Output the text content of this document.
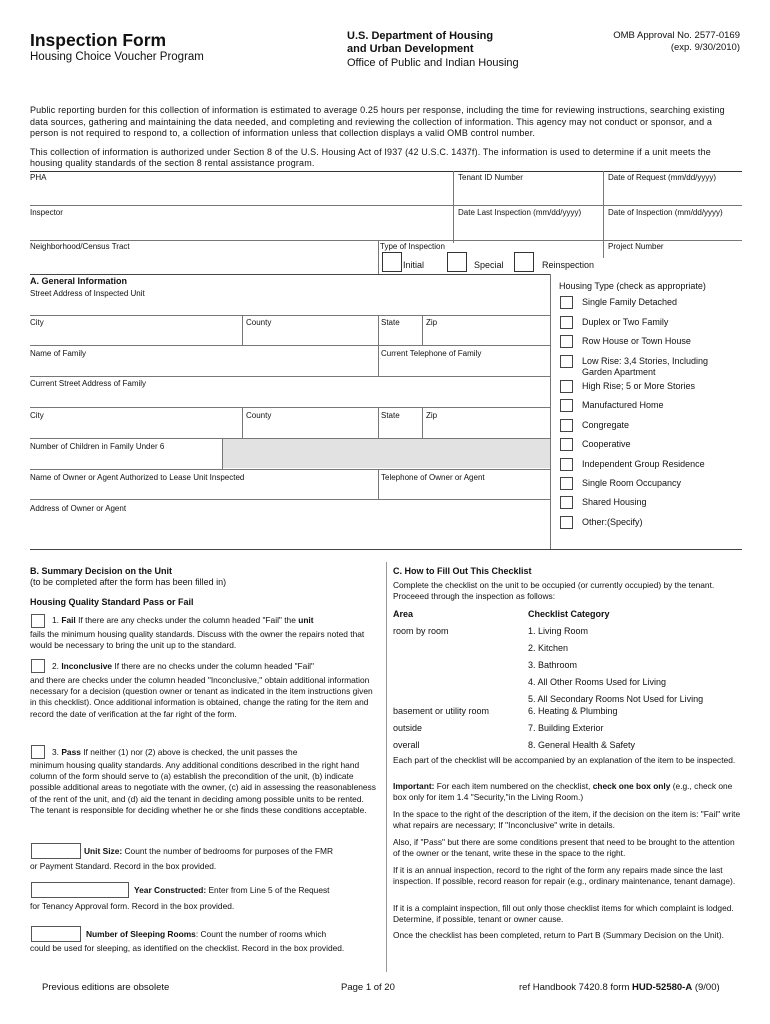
Inspection Form
Housing Choice Voucher Program
U.S. Department of Housing
and Urban Development
Office of Public and Indian Housing
OMB Approval No. 2577-0169
(exp. 9/30/2010)
Public reporting burden for this collection of information is estimated to average 0.25 hours per response, including the time for reviewing instructions, searching existing data sources, gathering and maintaining the data needed, and completing and reviewing the collection of information. This agency may not conduct or sponsor, and a person is not required to respond to, a collection of information unless that collection displays a valid OMB control number.
This collection of information is authorized under Section 8 of the U.S. Housing Act of I937 (42 U.S.C. 1437f). The information is used to determine if a unit meets the housing quality standards of the section 8 rental assistance program.
PHA	Tenant ID Number	Date of Request (mm/dd/yyyy)
Inspector	Date Last Inspection (mm/dd/yyyy)	Date of Inspection (mm/dd/yyyy)
Neighborhood/Census Tract	Type of Inspection	Project Number
Initial	Special	Reinspection
A. General Information
Street Address of Inspected Unit
City	County	State	Zip
Name of Family	Current Telephone of Family
Current Street Address of Family
City	County	State	Zip
Number of Children in Family Under 6
Name of Owner or Agent Authorized to Lease Unit Inspected	Telephone of Owner or Agent
Address of Owner or Agent
Housing Type (check as appropriate)
Single Family Detached
Duplex or Two Family
Row House or Town House
Low Rise: 3,4 Stories, Including
Garden Apartment
High Rise; 5 or More Stories
Manufactured Home
Congregate
Cooperative
Independent Group Residence
Single Room Occupancy
Shared Housing
Other:(Specify)
B. Summary Decision on the Unit
(to be completed after the form has been filled in)
Housing Quality Standard Pass or Fail
1. Fail If there are any checks under the column headed "Fail" the unit
fails the minimum housing quality standards. Discuss with the owner the repairs noted that would be necessary to bring the unit up to the standard.
2. Inconclusive If there are no checks under the column headed "Fail"
and there are checks under the column headed "Inconclusive," obtain additional information necessary for a decision (question owner or tenant as indicated in the item instructions given in this checklist). Once additional information is obtained, change the rating for the item and record the date of verification at the far right of the form.
3. Pass If neither (1) nor (2) above is checked, the unit passes the
minimum housing quality standards. Any additional conditions described in the right hand column of the form should serve to (a) establish the precondition of the unit, (b) indicate possible additional areas to negotiate with the owner, (c) aid in assessing the reasonableness of the rent of the unit, and (d) aid the tenant in deciding among possible units to be rented. The tenant is responsible for deciding whether he or she finds these conditions acceptable.
Unit Size: Count the number of bedrooms for purposes of the FMR
or Payment Standard. Record in the box provided.
Year Constructed: Enter from Line 5 of the Request
for Tenancy Approval form. Record in the box provided.
Number of Sleeping Rooms: Count the number of rooms which
could be used for sleeping, as identified on the checklist. Record in the box provided.
C. How to Fill Out This Checklist
Complete the checklist on the unit to be occupied (or currently occupied) by the tenant. Proceeed through the inspection as follows:
Area	Checklist Category
room by room	1. Living Room
2. Kitchen
3. Bathroom
4. All Other Rooms Used for Living
5. All Secondary Rooms Not Used for Living
basement or utility room	6. Heating & Plumbing
outside	7. Building Exterior
overall	8. General Health & Safety
Each part of the checklist will be accompanied by an explanation of the item to be inspected.
Important: For each item numbered on the checklist, check one box only (e.g., check one box only for item 1.4 "Security,"in the Living Room.)
In the space to the right of the description of the item, if the decision on the item is: "Fail" write what repairs are necessary; If "Inconclusive" write in details.
Also, if "Pass" but there are some conditions present that need to be brought to the attention of the owner or the tenant, write these in the space to the right.
If it is an annual inspection, record to the right of the form any repairs made since the last inspection. If possible, record reason for repair (e.g., ordinary maintenance, tenant damage).
If it is a complaint inspection, fill out only those checklist items for which complaint is lodged. Determine, if possible, tenant or owner cause.
Once the checklist has been completed, return to Part B (Summary Decision on the Unit).
Previous editions are obsolete	Page 1 of 20	ref Handbook 7420.8 form HUD-52580-A (9/00)
